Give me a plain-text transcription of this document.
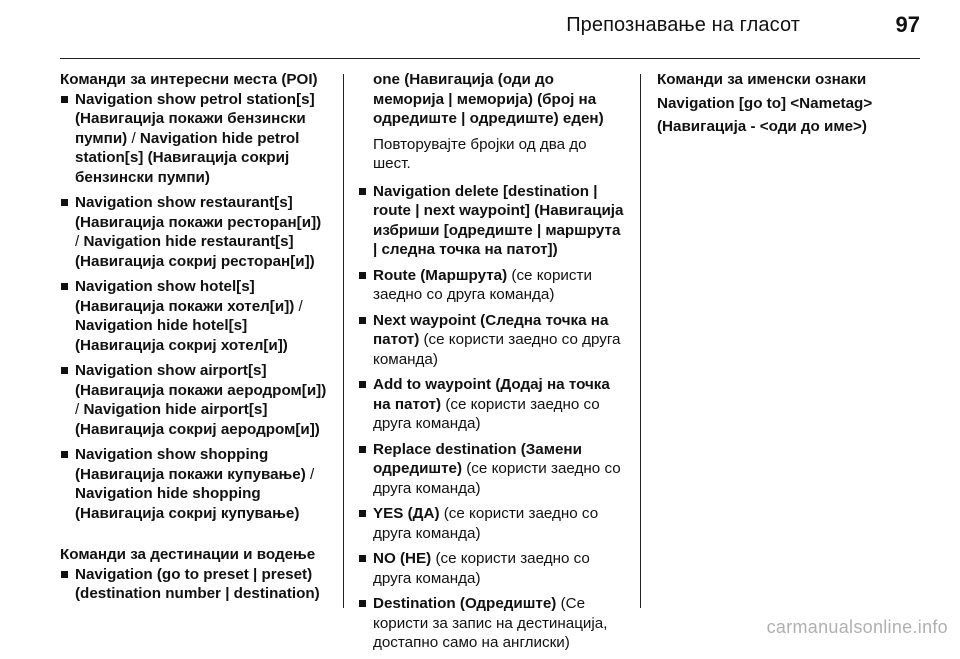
Препознавање на гласот	97
Команди за интересни места (POI)
Navigation show petrol station[s] (Навигација покажи бензински пумпи) / Navigation hide petrol station[s] (Навигација сокриј бензински пумпи)
Navigation show restaurant[s] (Навигација покажи ресторан[и]) / Navigation hide restaurant[s] (Навигација сокриј ресторан[и])
Navigation show hotel[s] (Навигација покажи хотел[и]) / Navigation hide hotel[s] (Навигација сокриј хотел[и])
Navigation show airport[s] (Навигација покажи аеродром[и]) / Navigation hide airport[s] (Навигација сокриј аеродром[и])
Navigation show shopping (Навигација покажи купување) / Navigation hide shopping (Навигација сокриј купување)
Команди за дестинации и водење
Navigation (go to preset | preset) (destination number | destination)
one (Навигација (оди до меморија | меморија) (број на одредиште | одредиште) еден)
Повторувајте бројки од два до шест.
Navigation delete [destination | route | next waypoint] (Навигација избриши [одредиште | маршрута | следна точка на патот])
Route (Маршрута) (се користи заедно со друга команда)
Next waypoint (Следна точка на патот) (се користи заедно со друга команда)
Add to waypoint (Додај на точка на патот) (се користи заедно со друга команда)
Replace destination (Замени одредиште) (се користи заедно со друга команда)
YES (ДА) (се користи заедно со друга команда)
NO (НЕ) (се користи заедно со друга команда)
Destination (Одредиште) (Се користи за запис на дестинација, достапно само на англиски)

Команди за именски ознаки

Navigation [go to] <Nametag>

(Навигација - <оди до име>)

carmanualsonline.info
